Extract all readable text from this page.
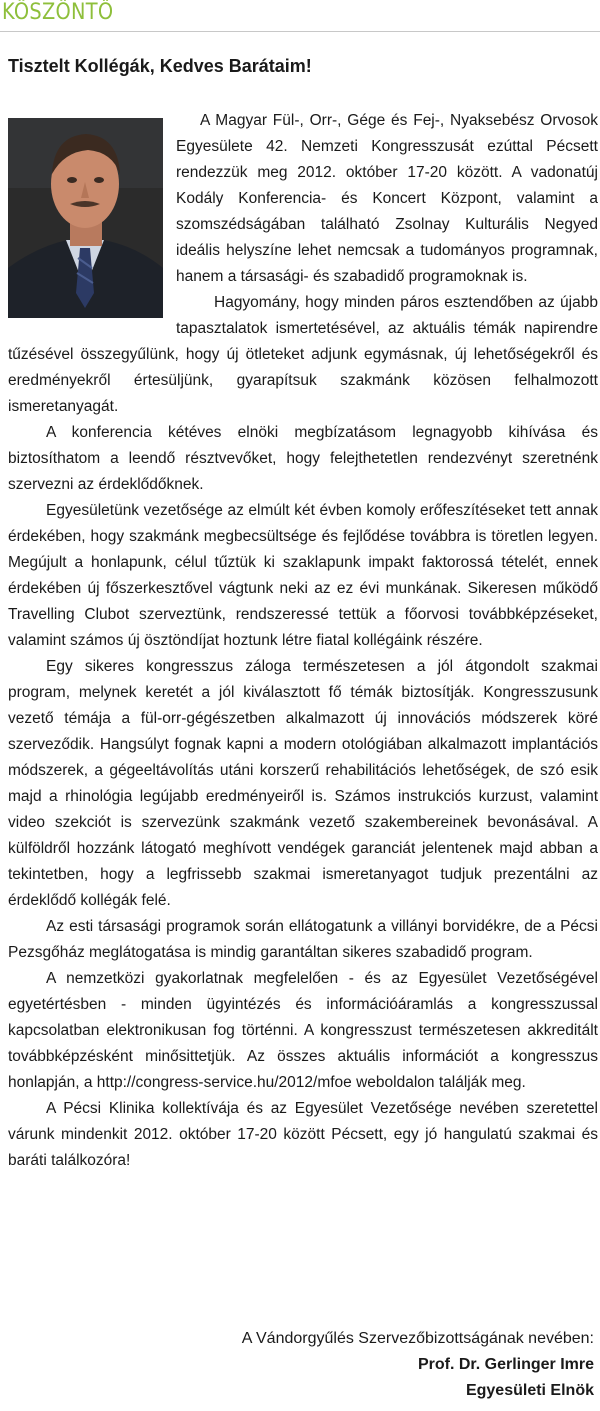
KÖSZÖNTŐ
Tisztelt Kollégák, Kedves Barátaim!

A Magyar Fül-, Orr-, Gége és Fej-, Nyaksebész Orvosok Egyesülete 42. Nemzeti Kongresszusát ezúttal Pécsett rendezzük meg 2012. október 17-20 között. A vadonatúj Kodály Konferencia- és Koncert Központ, valamint a szomszédságában található Zsolnay Kulturális Negyed ideális helyszíne lehet nemcsak a tudományos programnak, hanem a társasági- és szabadidő programoknak is.

Hagyomány, hogy minden páros esztendőben az újabb tapasztalatok ismertetésével, az aktuális témák napirendre tűzésével összegyűlünk, hogy új ötleteket adjunk egymásnak, új lehetőségekről és eredményekről értesüljünk, gyarapítsuk szakmánk közösen felhalmozott ismeretanyagát.

A konferencia kétéves elnöki megbízatásom legnagyobb kihívása és biztosíthatom a leendő résztvevőket, hogy felejthetetlen rendezvényt szeretnénk szervezni az érdeklődőknek.

Egyesületünk vezetősége az elmúlt két évben komoly erőfeszítéseket tett annak érdekében, hogy szakmánk megbecsültsége és fejlődése továbbra is töretlen legyen. Megújult a honlapunk, célul tűztük ki szaklapunk impakt faktorossá tételét, ennek érdekében új főszerkesztővel vágtunk neki az ez évi munkának. Sikeresen működő Travelling Clubot szerveztünk, rendszeressé tettük a főorvosi továbbképzéseket, valamint számos új ösztöndíjat hoztunk létre fiatal kollégáink részére.

Egy sikeres kongresszus záloga természetesen a jól átgondolt szakmai program, melynek keretét a jól kiválasztott fő témák biztosítják. Kongresszusunk vezető témája a fül-orr-gégészetben alkalmazott új innovációs módszerek köré szerveződik. Hangsúlyt fognak kapni a modern otológiában alkalmazott implantációs módszerek, a gégeeltávolítás utáni korszerű rehabilitációs lehetőségek, de szó esik majd a rhinológia legújabb eredményeiről is. Számos instrukciós kurzust, valamint video szekciót is szervezünk szakmánk vezető szakembereinek bevonásával. A külföldről hozzánk látogató meghívott vendégek garanciát jelentenek majd abban a tekintetben, hogy a legfrissebb szakmai ismeretanyagot tudjuk prezentálni az érdeklődő kollégák felé.

Az esti társasági programok során ellátogatunk a villányi borvidékre, de a Pécsi Pezsgőház meglátogatása is mindig garantáltan sikeres szabadidő program.

A nemzetközi gyakorlatnak megfelelően - és az Egyesület Vezetőségével egyetértésben - minden ügyintézés és információáramlás a kongresszussal kapcsolatban elektronikusan fog történni. A kongresszust természetesen akkreditált továbbképzésként minősittetjük. Az összes aktuális információt a kongresszus honlapján, a http://congress-service.hu/2012/mfoe weboldalon találják meg.

A Pécsi Klinika kollektívája és az Egyesület Vezetősége nevében szeretettel várunk mindenkit 2012. október 17-20 között Pécsett, egy jó hangulatú szakmai és baráti találkozóra!

A Vándorgyűlés Szervezőbizottságának nevében:
Prof. Dr. Gerlinger Imre
Egyesületi Elnök
